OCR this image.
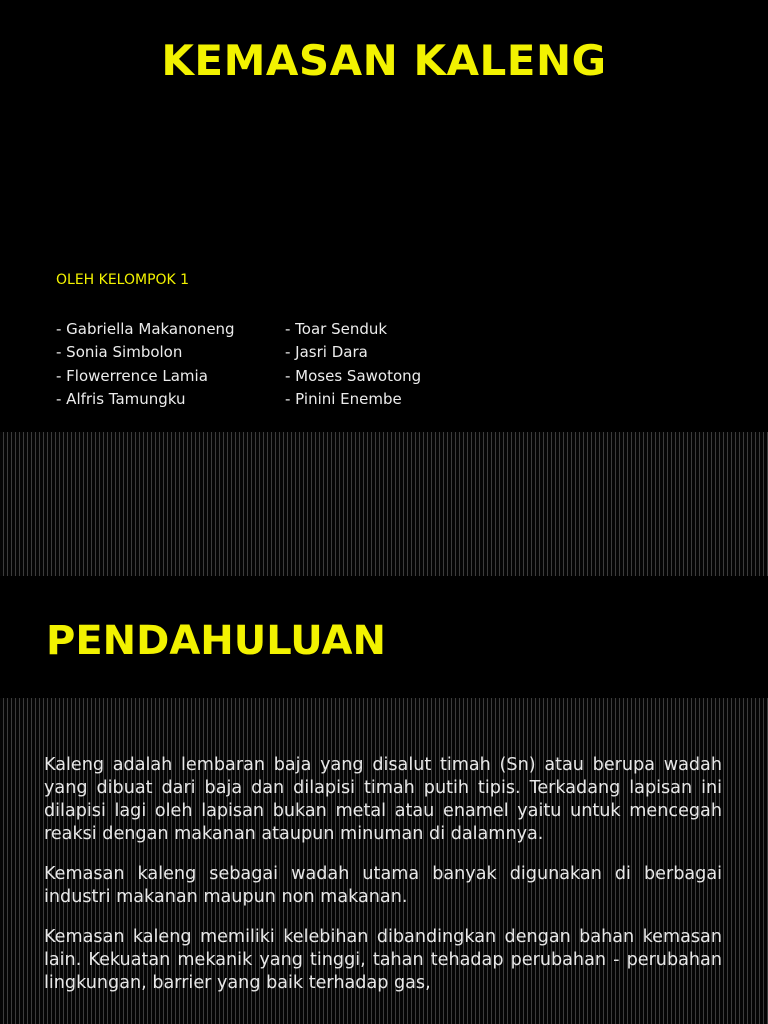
KEMASAN KALENG
OLEH KELOMPOK 1
- Gabriella Makanoneng
- Sonia Simbolon
- Flowerrence Lamia
- Alfris Tamungku
- Toar Senduk
- Jasri Dara
- Moses Sawotong
- Pinini Enembe
PENDAHULUAN

Kaleng adalah lembaran baja yang disalut timah (Sn) atau berupa wadah yang dibuat dari baja dan dilapisi timah putih tipis. Terkadang lapisan ini dilapisi lagi oleh lapisan bukan metal atau enamel yaitu untuk mencegah reaksi dengan makanan ataupun minuman di dalamnya.

Kemasan kaleng sebagai wadah utama banyak digunakan di berbagai industri makanan maupun non makanan.

Kemasan kaleng memiliki kelebihan dibandingkan dengan bahan kemasan lain. Kekuatan mekanik yang tinggi, tahan tehadap perubahan - perubahan lingkungan, barrier yang baik terhadap gas,
